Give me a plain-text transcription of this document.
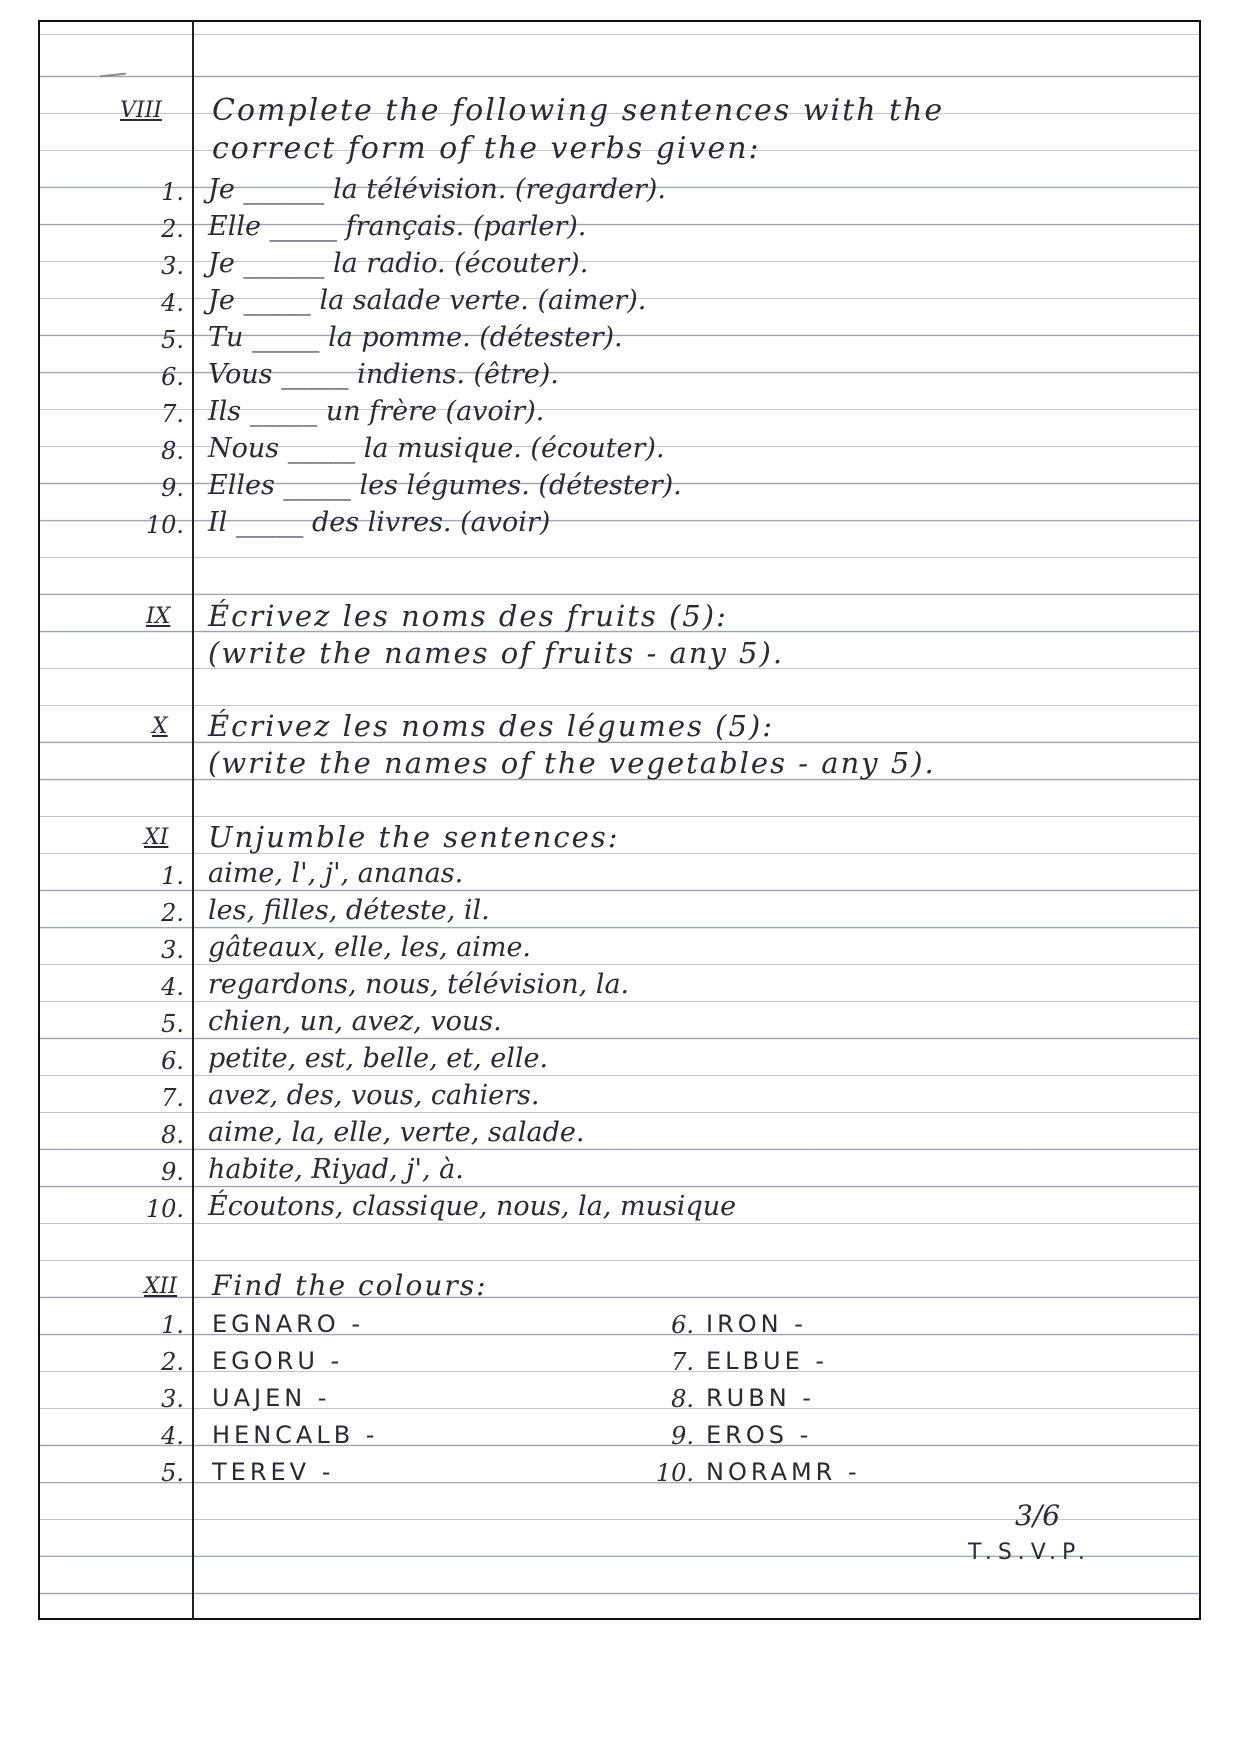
VIII Complete the following sentences with the
correct form of the verbs given:
1. Je ______ la télévision. (regarder).
2. Elle _____ français. (parler).
3. Je ______ la radio. (écouter).
4. Je _____ la salade verte. (aimer).
5. Tu _____ la pomme. (détester).
6. Vous _____ indiens. (être).
7. Ils _____ un frère (avoir).
8. Nous _____ la musique. (écouter).
9. Elles _____ les légumes. (détester).
10. Il _____ des livres. (avoir)
IX Écrivez les noms des fruits (5):
(write the names of fruits - any 5).
X Écrivez les noms des légumes (5):
(write the names of the vegetables - any 5).
XI Unjumble the sentences:
1. aime, l', j', ananas.
2. les, filles, déteste, il.
3. gâteaux, elle, les, aime.
4. regardons, nous, télévision, la.
5. chien, un, avez, vous.
6. petite, est, belle, et, elle.
7. avez, des, vous, cahiers.
8. aime, la, elle, verte, salade.
9. habite, Riyad, j', à.
10. Écoutons, classique, nous, la, musique
XII Find the colours:
1. EGNARO -
2. EGORU -
3. UAJEN -
4. HENCALB -
5. TEREV -
6. IRON -
7. ELBUE -
8. RUBN -
9. EROS -
10. NORAMR -
3/6
T.S.V.P.
